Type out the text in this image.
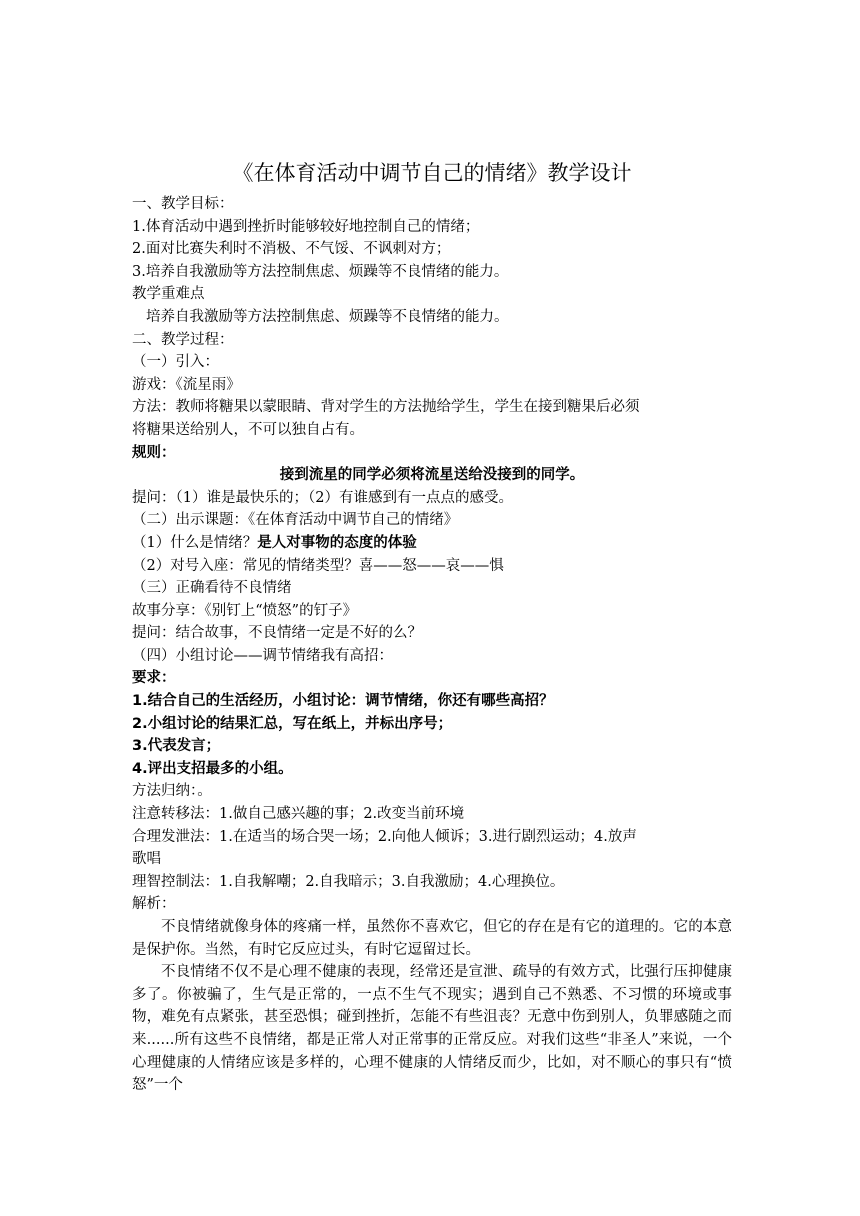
《在体育活动中调节自己的情绪》教学设计
一、教学目标：
1.体育活动中遇到挫折时能够较好地控制自己的情绪；
2.面对比赛失利时不消极、不气馁、不讽刺对方；
3.培养自我激励等方法控制焦虑、烦躁等不良情绪的能力。
教学重难点
培养自我激励等方法控制焦虑、烦躁等不良情绪的能力。
二、教学过程：
（一）引入：
游戏：《流星雨》
方法：教师将糖果以蒙眼睛、背对学生的方法抛给学生，学生在接到糖果后必须
将糖果送给别人，不可以独自占有。
规则：
接到流星的同学必须将流星送给没接到的同学。
提问：（1）谁是最快乐的；（2）有谁感到有一点点的感受。
（二）出示课题：《在体育活动中调节自己的情绪》
（1）什么是情绪？是人对事物的态度的体验
（2）对号入座：常见的情绪类型？喜——怒——哀——惧
（三）正确看待不良情绪
故事分享：《别钉上“愤怒”的钉子》
提问：结合故事，不良情绪一定是不好的么？
（四）小组讨论——调节情绪我有高招：
要求：
1.结合自己的生活经历，小组讨论：调节情绪，你还有哪些高招？
2.小组讨论的结果汇总，写在纸上，并标出序号；
3.代表发言；
4.评出支招最多的小组。
方法归纳：。
注意转移法：1.做自己感兴趣的事；2.改变当前环境
合理发泄法：1.在适当的场合哭一场；2.向他人倾诉；3.进行剧烈运动；4.放声
歌唱
理智控制法：1.自我解嘲；2.自我暗示；3.自我激励；4.心理换位。
解析：
不良情绪就像身体的疼痛一样，虽然你不喜欢它，但它的存在是有它的道理的。它的本意是保护你。当然，有时它反应过头，有时它逗留过长。
不良情绪不仅不是心理不健康的表现，经常还是宣泄、疏导的有效方式，比强行压抑健康多了。你被骗了，生气是正常的，一点不生气不现实；遇到自己不熟悉、不习惯的环境或事物，难免有点紧张，甚至恐惧；碰到挫折，怎能不有些沮丧？无意中伤到别人，负罪感随之而来......所有这些不良情绪，都是正常人对正常事的正常反应。对我们这些“非圣人”来说，一个心理健康的人情绪应该是多样的，心理不健康的人情绪反而少，比如，对不顺心的事只有“愤怒”一个
